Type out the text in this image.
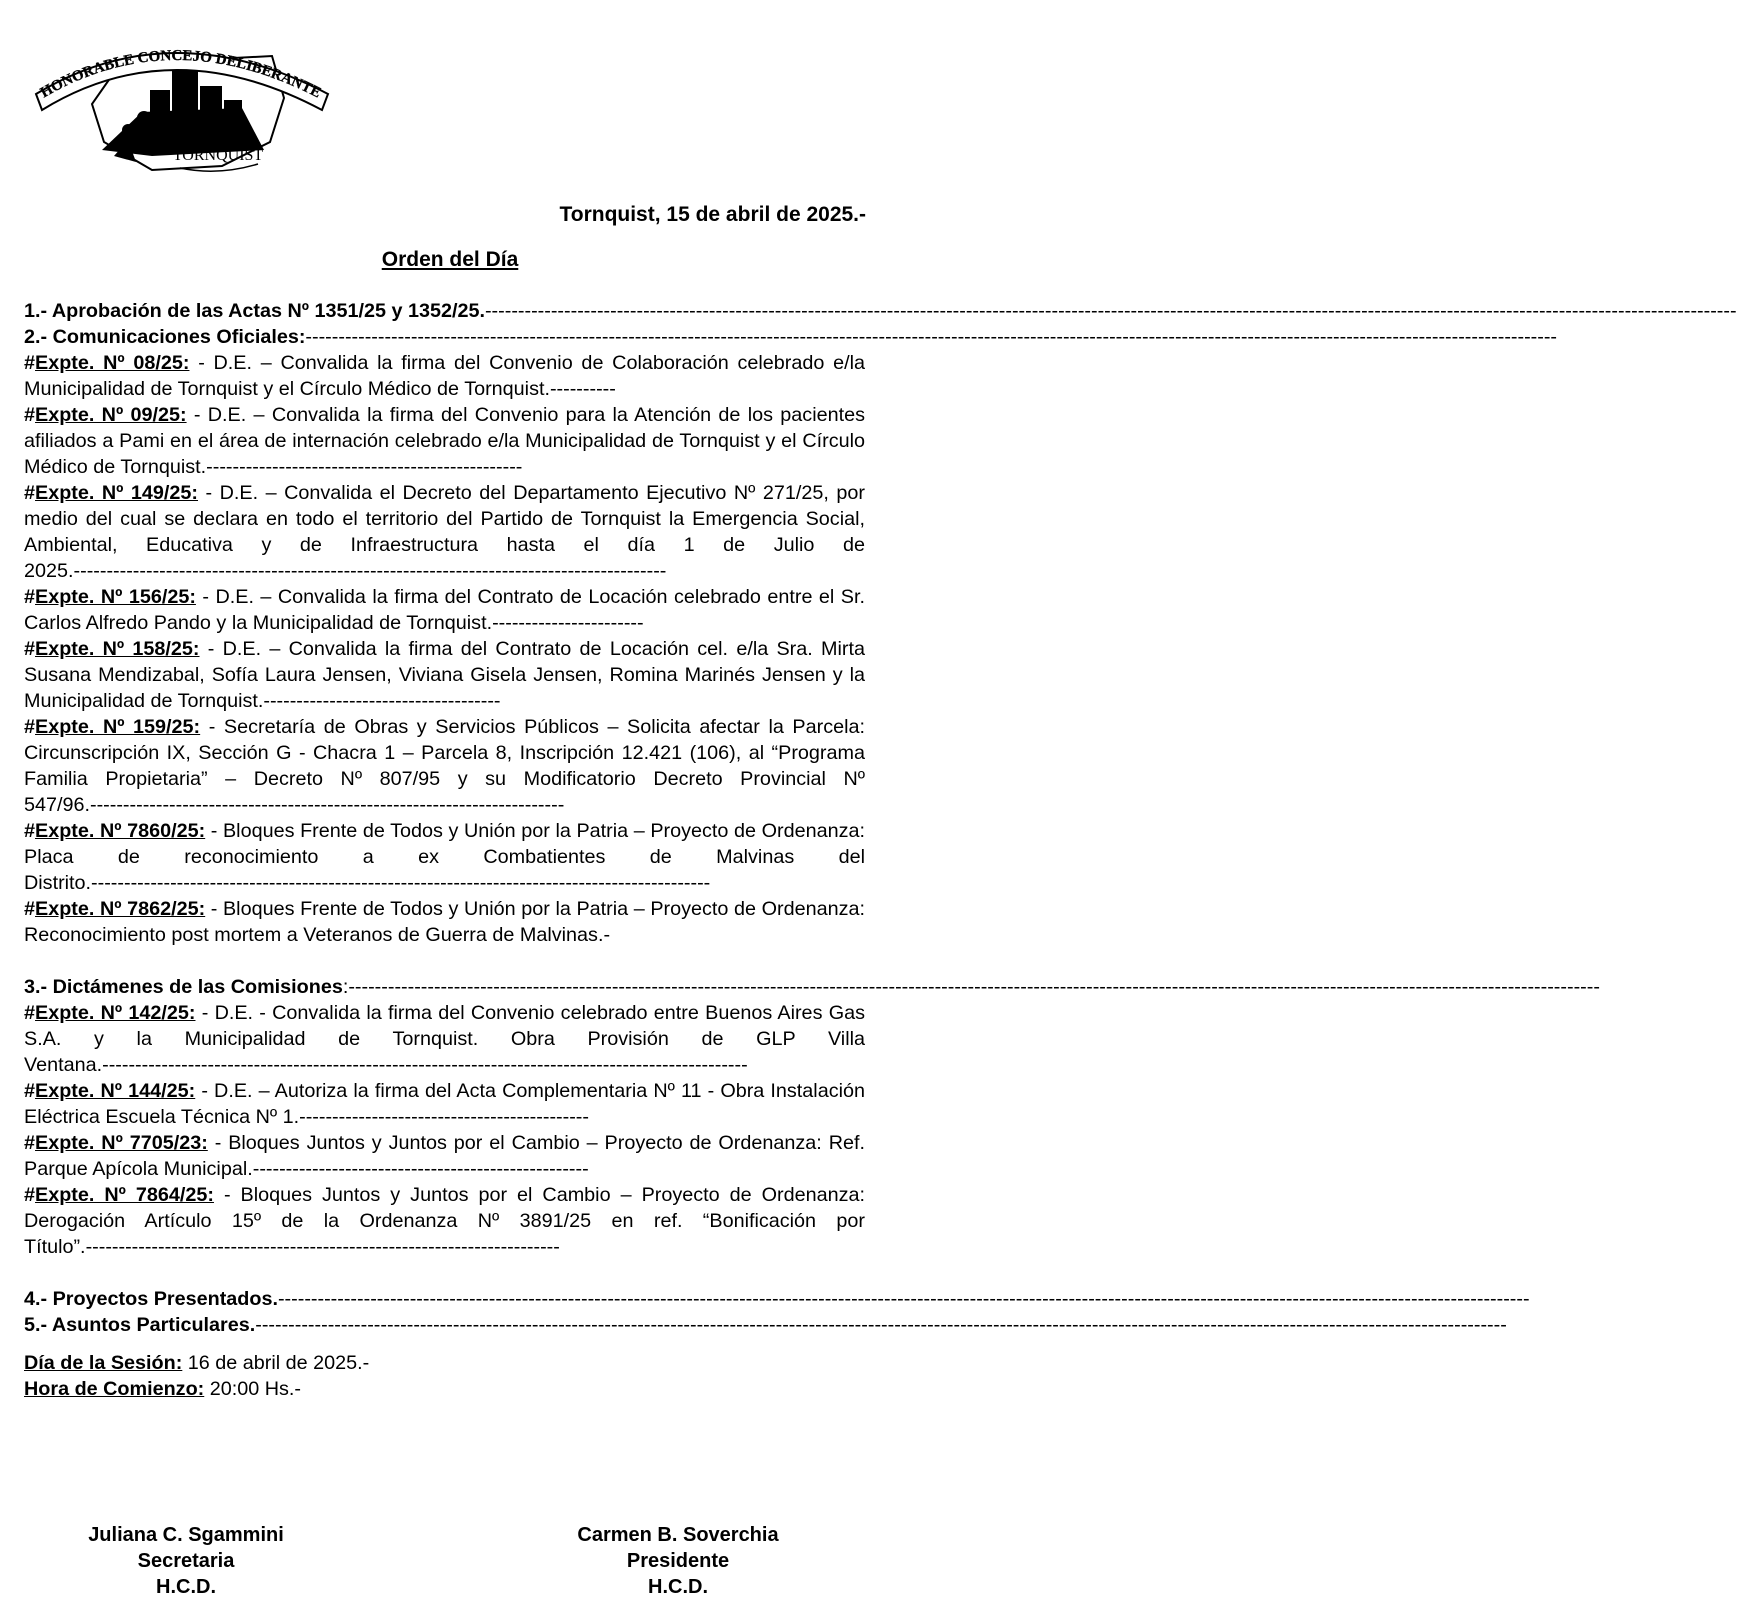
HONORABLE CONCEJO DELIBERANTE
TORNQUIST

Tornquist, 15 de abril de 2025.-

Orden del Día
1.- Aprobación de las Actas Nº 1351/25 y 1352/25. ----------------------------------------------------------------------------------------------------------------------------------------------------------------------------------------------
2.- Comunicaciones Oficiales: ----------------------------------------------------------------------------------------------------------------------------------------------------------------------------------------------

#Expte. Nº 08/25: - D.E. – Convalida la firma del Convenio de Colaboración celebrado e/la Municipalidad de Tornquist y el Círculo Médico de Tornquist.----------

#Expte. Nº 09/25: - D.E. – Convalida la firma del Convenio para la Atención de los pacientes afiliados a Pami en el área de internación celebrado e/la Municipalidad de Tornquist y el Círculo Médico de Tornquist.------------------------------------------------

#Expte. Nº 149/25: - D.E. – Convalida el Decreto del Departamento Ejecutivo Nº 271/25, por medio del cual se declara en todo el territorio del Partido de Tornquist la Emergencia Social, Ambiental, Educativa y de Infraestructura hasta el día 1 de Julio de 2025.------------------------------------------------------------------------------------------

#Expte. Nº 156/25: - D.E. – Convalida la firma del Contrato de Locación celebrado entre el Sr. Carlos Alfredo Pando y la Municipalidad de Tornquist.-----------------------

#Expte. Nº 158/25: - D.E. – Convalida la firma del Contrato de Locación cel. e/la Sra. Mirta Susana Mendizabal, Sofía Laura Jensen, Viviana Gisela Jensen, Romina Marinés Jensen y la Municipalidad de Tornquist.------------------------------------

#Expte. Nº 159/25: - Secretaría de Obras y Servicios Públicos – Solicita afectar la Parcela: Circunscripción IX, Sección G - Chacra 1 – Parcela 8, Inscripción 12.421 (106), al “Programa Familia Propietaria” – Decreto Nº 807/95 y su Modificatorio Decreto Provincial Nº 547/96.------------------------------------------------------------------------

#Expte. Nº 7860/25: - Bloques Frente de Todos y Unión por la Patria – Proyecto de Ordenanza: Placa de reconocimiento a ex Combatientes de Malvinas del Distrito.----------------------------------------------------------------------------------------------

#Expte. Nº 7862/25: - Bloques Frente de Todos y Unión por la Patria – Proyecto de Ordenanza: Reconocimiento post mortem a Veteranos de Guerra de Malvinas.-

3.- Dictámenes de las Comisiones: ----------------------------------------------------------------------------------------------------------------------------------------------------------------------------------------------

#Expte. Nº 142/25: - D.E. - Convalida la firma del Convenio celebrado entre Buenos Aires Gas S.A. y la Municipalidad de Tornquist. Obra Provisión de GLP Villa Ventana.--------------------------------------------------------------------------------------------------

#Expte. Nº 144/25: - D.E. – Autoriza la firma del Acta Complementaria Nº 11 - Obra Instalación Eléctrica Escuela Técnica Nº 1.--------------------------------------------

#Expte. Nº 7705/23: - Bloques Juntos y Juntos por el Cambio – Proyecto de Ordenanza: Ref. Parque Apícola Municipal.---------------------------------------------------

#Expte. Nº 7864/25: - Bloques Juntos y Juntos por el Cambio – Proyecto de Ordenanza: Derogación Artículo 15º de la Ordenanza Nº 3891/25 en ref. “Bonificación por Título”.------------------------------------------------------------------------

4.- Proyectos Presentados. ----------------------------------------------------------------------------------------------------------------------------------------------------------------------------------------------
5.- Asuntos Particulares. ----------------------------------------------------------------------------------------------------------------------------------------------------------------------------------------------

Día de la Sesión: 16 de abril de 2025.-

Hora de Comienzo: 20:00 Hs.-

Juliana C. Sgammini
Secretaria
H.C.D.
Carmen B. Soverchia
Presidente
H.C.D.
